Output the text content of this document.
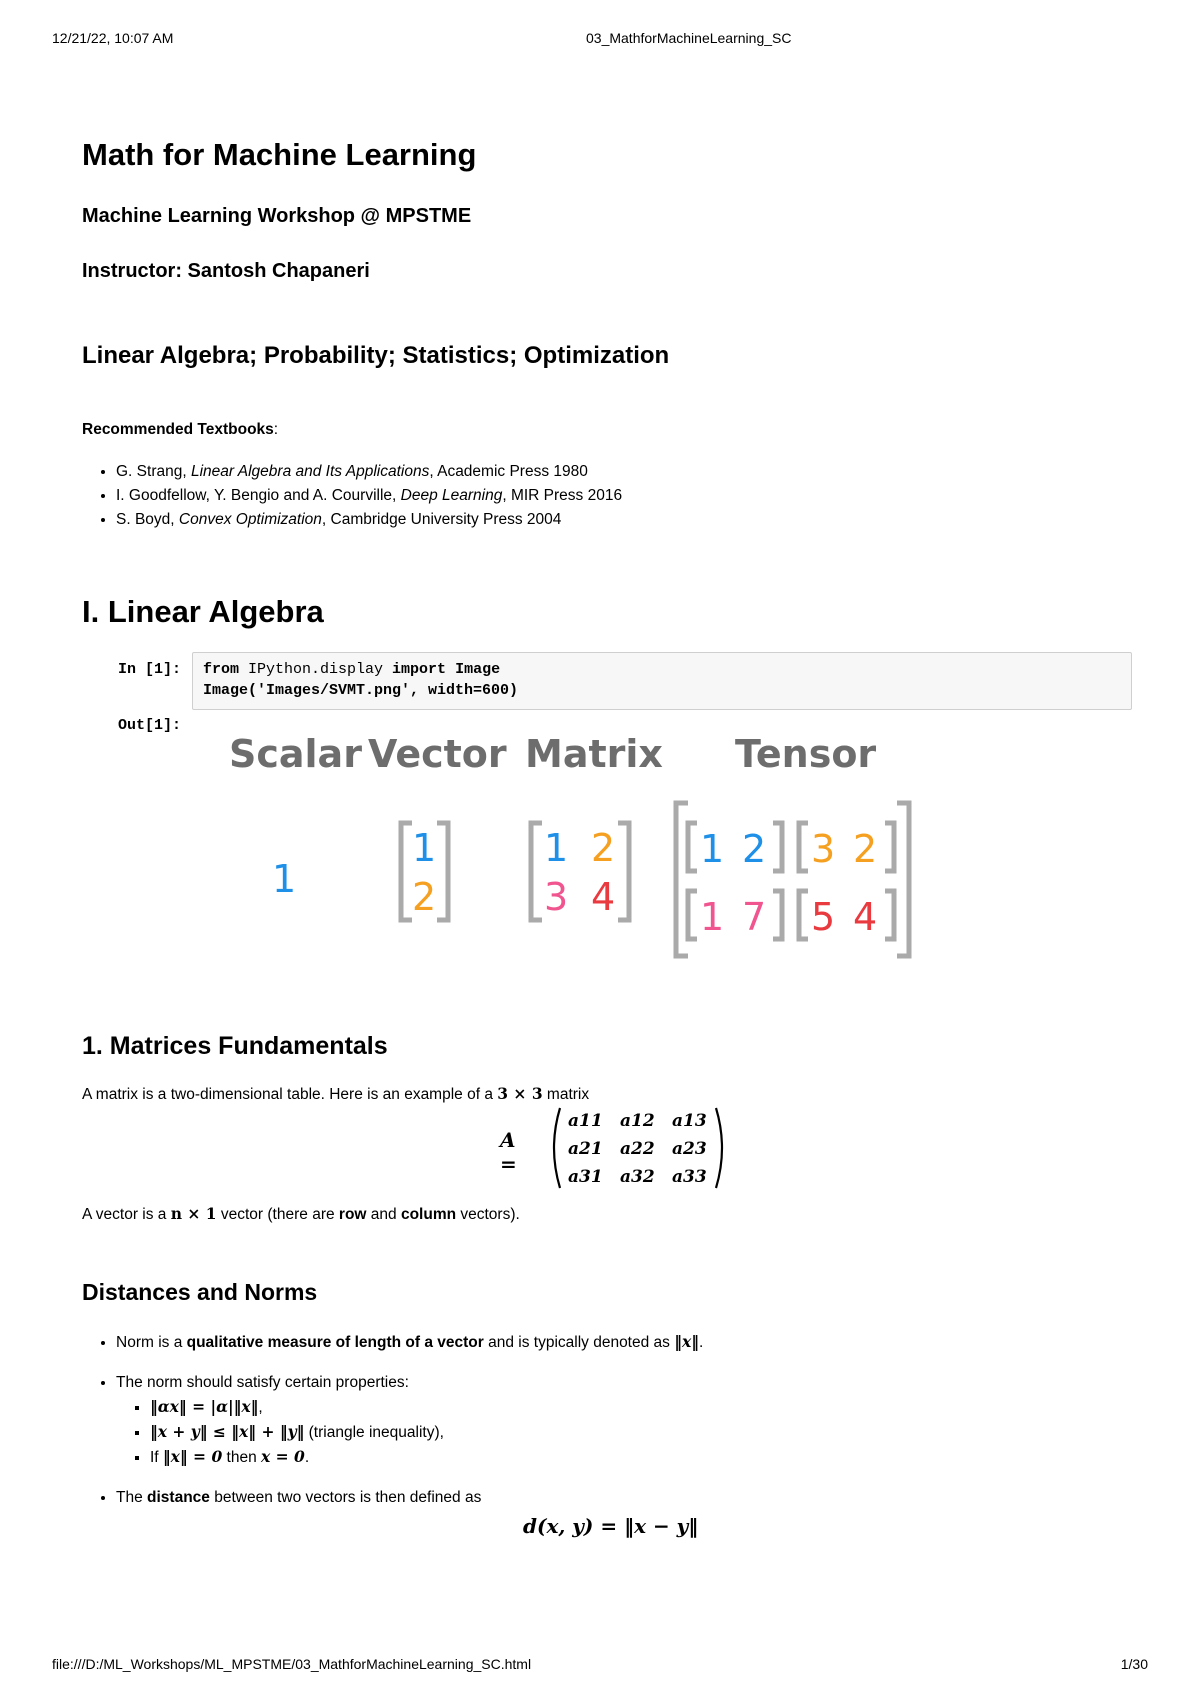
12/21/22, 10:07 AM	03_MathforMachineLearning_SC
Math for Machine Learning
Machine Learning Workshop @ MPSTME
Instructor: Santosh Chapaneri
Linear Algebra; Probability; Statistics; Optimization
Recommended Textbooks:
• G. Strang, Linear Algebra and Its Applications, Academic Press 1980
• I. Goodfellow, Y. Bengio and A. Courville, Deep Learning, MIR Press 2016
• S. Boyd, Convex Optimization, Cambridge University Press 2004
I. Linear Algebra
In [1]: from IPython.display import Image
Image('Images/SVMT.png', width=600)
Out[1]:
Scalar Vector Matrix Tensor
1
1
2
1 2
3 4
1 2 3 2
1 7 5 4
1. Matrices Fundamentals
A matrix is a two-dimensional table. Here is an example of a 3 × 3 matrix
A =
a11 a12 a13
a21 a22 a23
a31 a32 a33
A vector is a n × 1 vector (there are row and column vectors).
Distances and Norms
• Norm is a qualitative measure of length of a vector and is typically denoted as ‖x‖.
• The norm should satisfy certain properties:
▪ ‖αx‖ = |α|‖x‖,
▪ ‖x + y‖ ≤ ‖x‖ + ‖y‖ (triangle inequality),
▪ If ‖x‖ = 0 then x = 0.
• The distance between two vectors is then defined as
d(x, y) = ‖x − y‖
file:///D:/ML_Workshops/ML_MPSTME/03_MathforMachineLearning_SC.html	1/30
